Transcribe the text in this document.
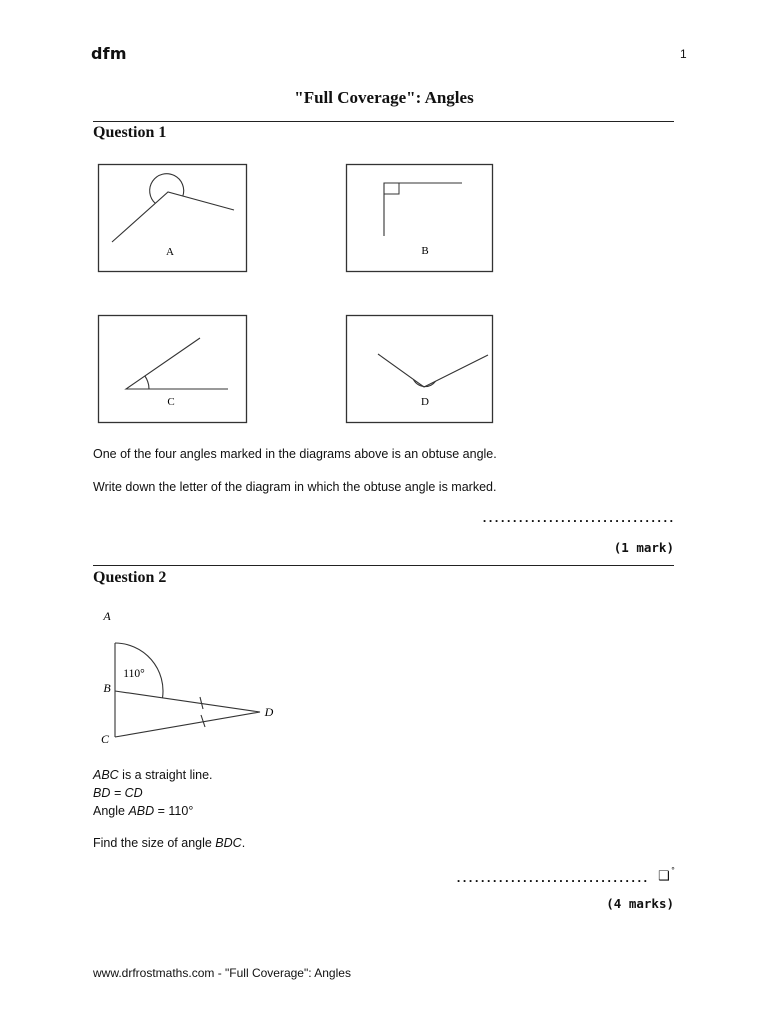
dfm	1
"Full Coverage": Angles
Question 1
A	B
C	D
One of the four angles marked in the diagrams above is an obtuse angle.
Write down the letter of the diagram in which the obtuse angle is marked.
................................
(1 mark)
Question 2
A
B
C
D
110°
ABC is a straight line.
BD = CD
Angle ABD = 110°
Find the size of angle BDC.
................................ ❑ °
(4 marks)
www.drfrostmaths.com - "Full Coverage": Angles
